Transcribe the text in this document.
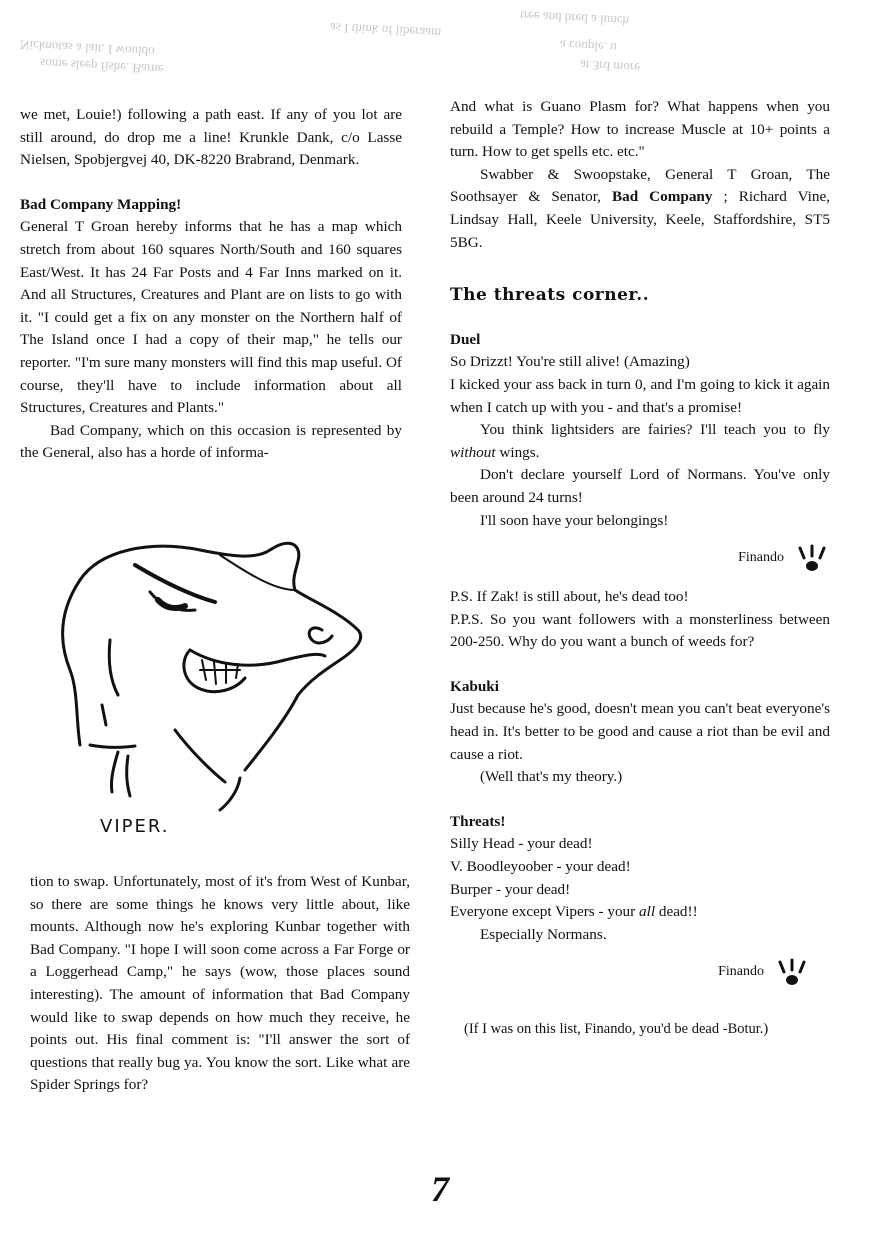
Nicknotas a lait. I wouldo
some sleep fishe. Barne
as I think of liberaam
tree and bred a lunch
a couple. u
at 3rd more

we met, Louie!) following a path east. If any of you lot are still around, do drop me a line! Krunkle Dank, c/o Lasse Nielsen, Spobjergvej 40, DK-8220 Brabrand, Denmark.

Bad Company Mapping!

General T Groan hereby informs that he has a map which stretch from about 160 squares North/South and 160 squares East/West. It has 24 Far Posts and 4 Far Inns marked on it. And all Structures, Creatures and Plant are on lists to go with it. "I could get a fix on any monster on the Northern half of The Island once I had a copy of their map," he tells our reporter. "I'm sure many monsters will find this map useful. Of course, they'll have to include information about all Structures, Creatures and Plants."

Bad Company, which on this occasion is represented by the General, also has a horde of informa-

VIPER.

tion to swap. Unfortunately, most of it's from West of Kunbar, so there are some things he knows very little about, like mounts. Although now he's exploring Kunbar together with Bad Company. "I hope I will soon come across a Far Forge or a Loggerhead Camp," he says (wow, those places sound interesting). The amount of information that Bad Company would like to swap depends on how much they receive, he points out. His final comment is: "I'll answer the sort of questions that really bug ya. You know the sort. Like what are Spider Springs for?

And what is Guano Plasm for? What happens when you rebuild a Temple? How to increase Muscle at 10+ points a turn. How to get spells etc. etc."

Swabber & Swoopstake, General T Groan, The Soothsayer & Senator, Bad Company ; Richard Vine, Lindsay Hall, Keele University, Keele, Staffordshire, ST5 5BG.

The threats corner..

Duel

So Drizzt! You're still alive! (Amazing)

I kicked your ass back in turn 0, and I'm going to kick it again when I catch up with you - and that's a promise!

You think lightsiders are fairies? I'll teach you to fly without wings.

Don't declare yourself Lord of Normans. You've only been around 24 turns!

I'll soon have your belongings!

Finando

P.S. If Zak! is still about, he's dead too!

P.P.S. So you want followers with a monsterliness between 200-250. Why do you want a bunch of weeds for?

Kabuki

Just because he's good, doesn't mean you can't beat everyone's head in. It's better to be good and cause a riot than be evil and cause a riot.

(Well that's my theory.)

Threats!

Silly Head - your dead!

V. Boodleyoober - your dead!

Burper - your dead!

Everyone except Vipers - your all dead!!

Especially Normans.

Finando

(If I was on this list, Finando, you'd be dead -Botur.)

7
